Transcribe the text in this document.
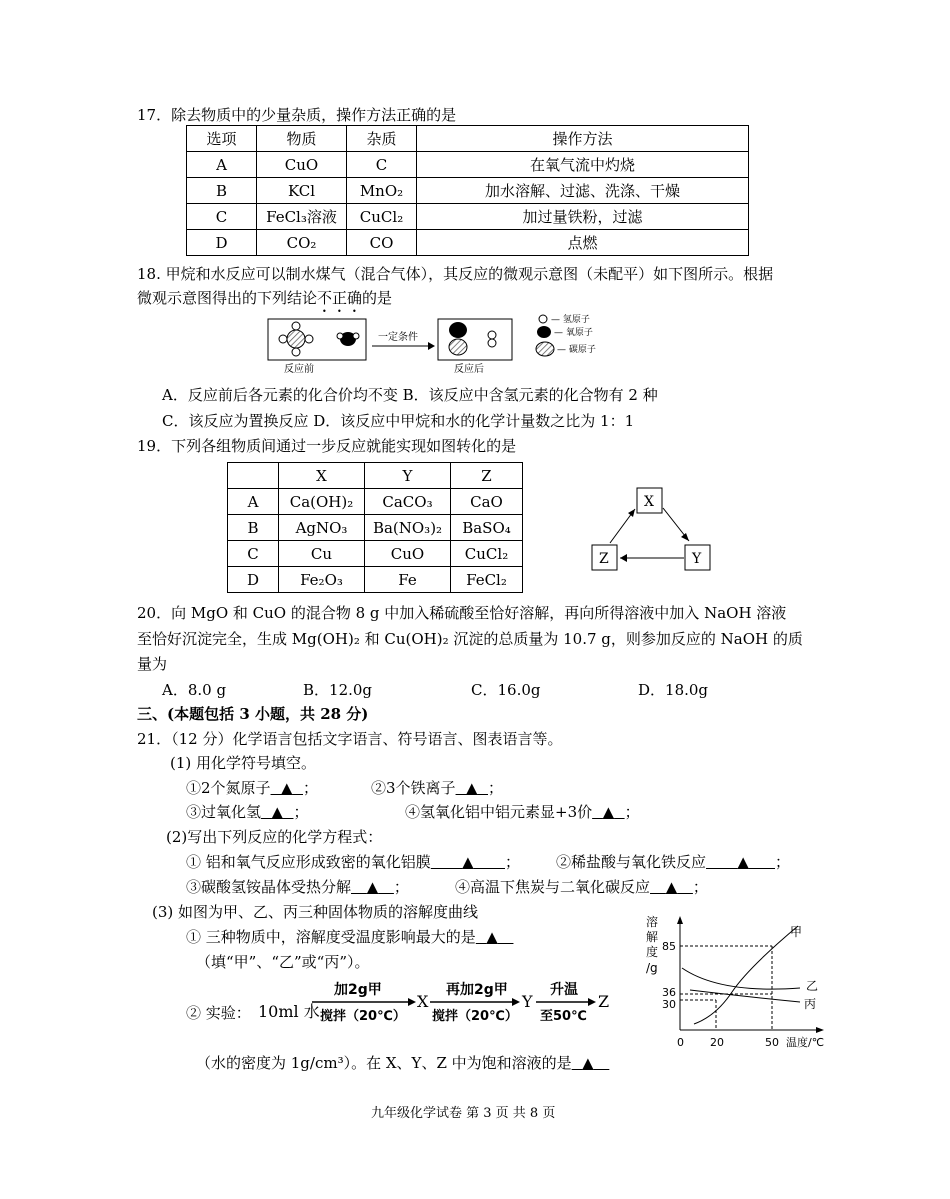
17．除去物质中的少量杂质，操作方法正确的是
选项	物质	杂质	操作方法
A	CuO	C	在氧气流中灼烧
B	KCl	MnO₂	加水溶解、过滤、洗涤、干燥
C	FeCl₃溶液	CuCl₂	加过量铁粉，过滤
D	CO₂	CO	点燃
18. 甲烷和水反应可以制水煤气（混合气体），其反应的微观示意图（未配平）如下图所示。根据
微观示意图得出的下列结论不正确的是
反应前
一定条件
反应后
— 氢原子
— 氧原子
— 碳原子
A．反应前后各元素的化合价均不变 B．该反应中含氢元素的化合物有 2 种
C．该反应为置换反应 D．该反应中甲烷和水的化学计量数之比为 1：1
19．下列各组物质间通过一步反应就能实现如图转化的是
	X	Y	Z
A	Ca(OH)₂	CaCO₃	CaO
B	AgNO₃	Ba(NO₃)₂	BaSO₄
C	Cu	CuO	CuCl₂
D	Fe₂O₃	Fe	FeCl₂
X
Y
Z
20．向 MgO 和 CuO 的混合物 8 g 中加入稀硫酸至恰好溶解，再向所得溶液中加入 NaOH 溶液
至恰好沉淀完全，生成 Mg(OH)₂ 和 Cu(OH)₂ 沉淀的总质量为 10.7 g，则参加反应的 NaOH 的质
量为
A．8.0 g	B．12.0g	C．16.0g	D．18.0g
三、(本题包括 3 小题，共 28 分)
21．（12 分）化学语言包括文字语言、符号语言、图表语言等。
(1) 用化学符号填空。
①2个氮原子 ▲ ；	②3个铁离子 ▲ ；
③过氧化氢 ▲ ；	④氢氧化铝中铝元素显+3价 ▲ ；
(2)写出下列反应的化学方程式：
① 铝和氧气反应形成致密的氧化铝膜 ▲ ； ②稀盐酸与氧化铁反应 ▲ ；
③碳酸氢铵晶体受热分解 ▲ ；	④高温下焦炭与二氧化碳反应 ▲ ；
(3) 如图为甲、乙、丙三种固体物质的溶解度曲线
① 三种物质中，溶解度受温度影响最大的是 ▲
（填“甲”、“乙”或“丙”）。
② 实验： 10ml 水
加2g甲
搅拌（20℃）
X
再加2g甲
搅拌（20℃）
Y
升温
至50℃
Z
（水的密度为 1g/cm³）。在 X、Y、Z 中为饱和溶液的是 ▲
溶
解
度
/g
溶解度/g
85
36
30
0 20	50 温度/℃
甲
乙
丙
九年级化学试卷 第 3 页 共 8 页
